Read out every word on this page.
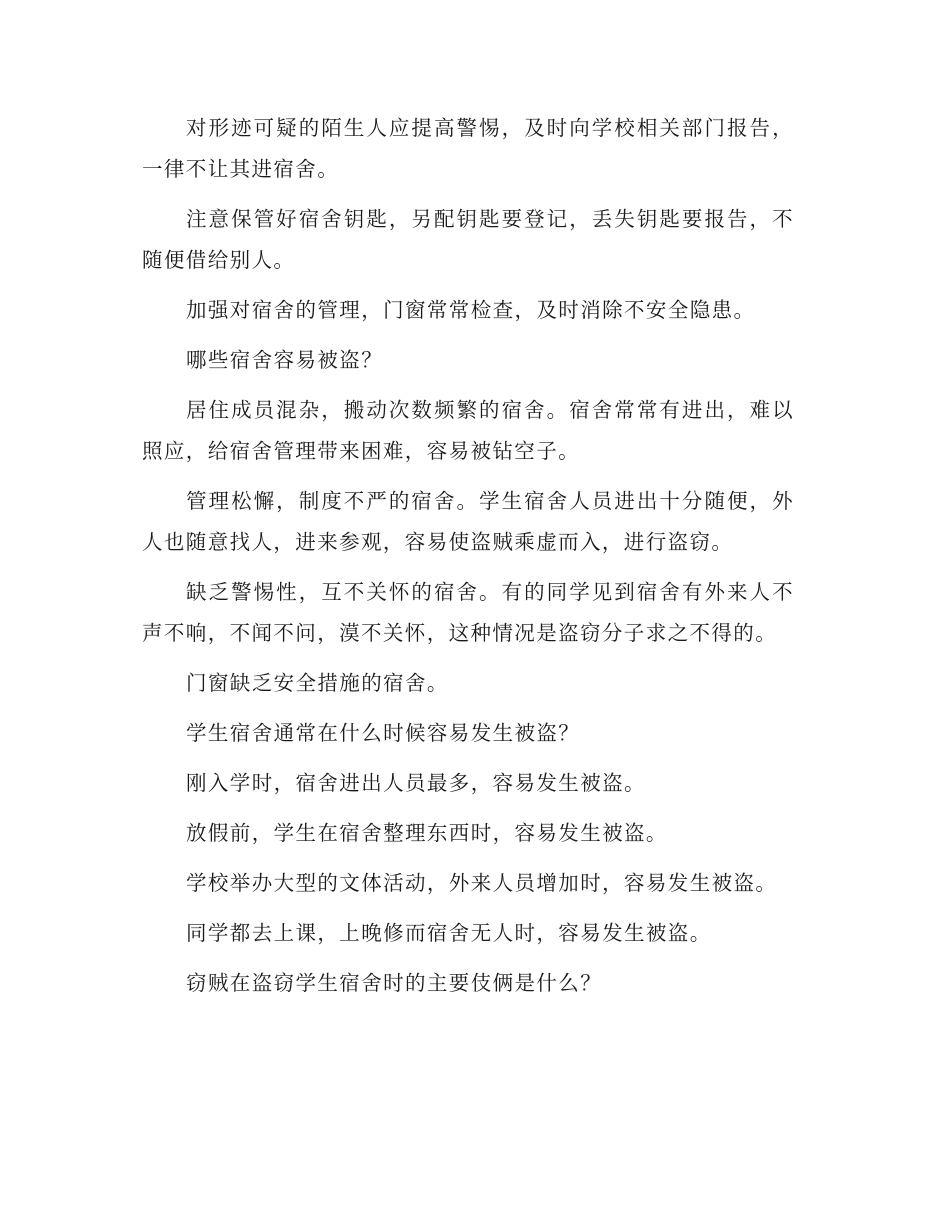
对形迹可疑的陌生人应提高警惕，及时向学校相关部门报告，一律不让其进宿舍。

注意保管好宿舍钥匙，另配钥匙要登记，丢失钥匙要报告，不随便借给别人。

加强对宿舍的管理，门窗常常检查，及时消除不安全隐患。

哪些宿舍容易被盗？

居住成员混杂，搬动次数频繁的宿舍。宿舍常常有进出，难以照应，给宿舍管理带来困难，容易被钻空子。

管理松懈，制度不严的宿舍。学生宿舍人员进出十分随便，外人也随意找人，进来参观，容易使盗贼乘虚而入，进行盗窃。

缺乏警惕性，互不关怀的宿舍。有的同学见到宿舍有外来人不声不响，不闻不问，漠不关怀，这种情况是盗窃分子求之不得的。

门窗缺乏安全措施的宿舍。

学生宿舍通常在什么时候容易发生被盗？

刚入学时，宿舍进出人员最多，容易发生被盗。

放假前，学生在宿舍整理东西时，容易发生被盗。

学校举办大型的文体活动，外来人员增加时，容易发生被盗。

同学都去上课，上晚修而宿舍无人时，容易发生被盗。

窃贼在盗窃学生宿舍时的主要伎俩是什么？
